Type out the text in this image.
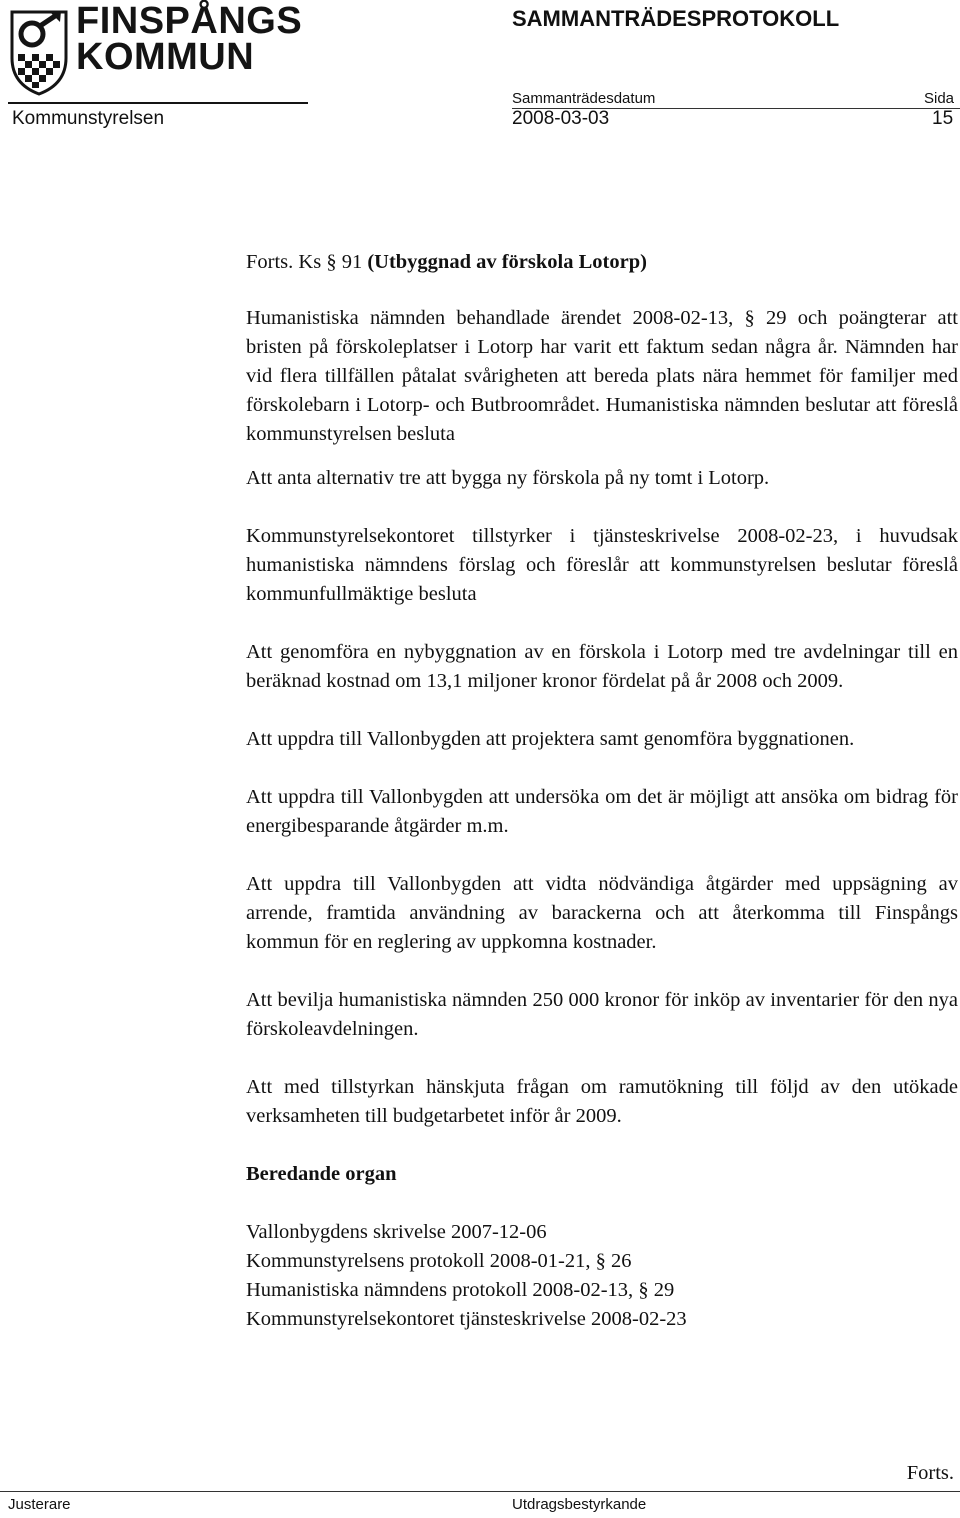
FINSPÅNGS
KOMMUN
SAMMANTRÄDESPROTOKOLL
Sammanträdesdatum	Sida
Kommunstyrelsen	2008-03-03	15

Forts. Ks § 91 (Utbyggnad av förskola Lotorp)

Humanistiska nämnden behandlade ärendet 2008-02-13, § 29 och poängterar att bristen på förskoleplatser i Lotorp har varit ett faktum sedan några år. Nämnden har vid flera tillfällen påtalat svårigheten att bereda plats nära hemmet för familjer med förskolebarn i Lotorp- och Butbroområdet. Humanistiska nämnden beslutar att föreslå kommunstyrelsen besluta

Att anta alternativ tre att bygga ny förskola på ny tomt i Lotorp.

Kommunstyrelsekontoret tillstyrker i tjänsteskrivelse 2008-02-23, i huvudsak humanistiska nämndens förslag och föreslår att kommunstyrelsen beslutar föreslå kommunfullmäktige besluta

Att genomföra en nybyggnation av en förskola i Lotorp med tre avdelningar till en beräknad kostnad om 13,1 miljoner kronor fördelat på år 2008 och 2009.

Att uppdra till Vallonbygden att projektera samt genomföra byggnationen.

Att uppdra till Vallonbygden att undersöka om det är möjligt att ansöka om bidrag för energibesparande åtgärder m.m.

Att uppdra till Vallonbygden att vidta nödvändiga åtgärder med uppsägning av arrende, framtida användning av barackerna och att återkomma till Finspångs kommun för en reglering av uppkomna kostnader.

Att bevilja humanistiska nämnden 250 000 kronor för inköp av inventarier för den nya förskoleavdelningen.

Att med tillstyrkan hänskjuta frågan om ramutökning till följd av den utökade verksamheten till budgetarbetet inför år 2009.

Beredande organ

Vallonbygdens skrivelse 2007-12-06

Kommunstyrelsens protokoll 2008-01-21, § 26

Humanistiska nämndens protokoll 2008-02-13, § 29

Kommunstyrelsekontoret tjänsteskrivelse 2008-02-23

Forts.
Justerare	Utdragsbestyrkande
